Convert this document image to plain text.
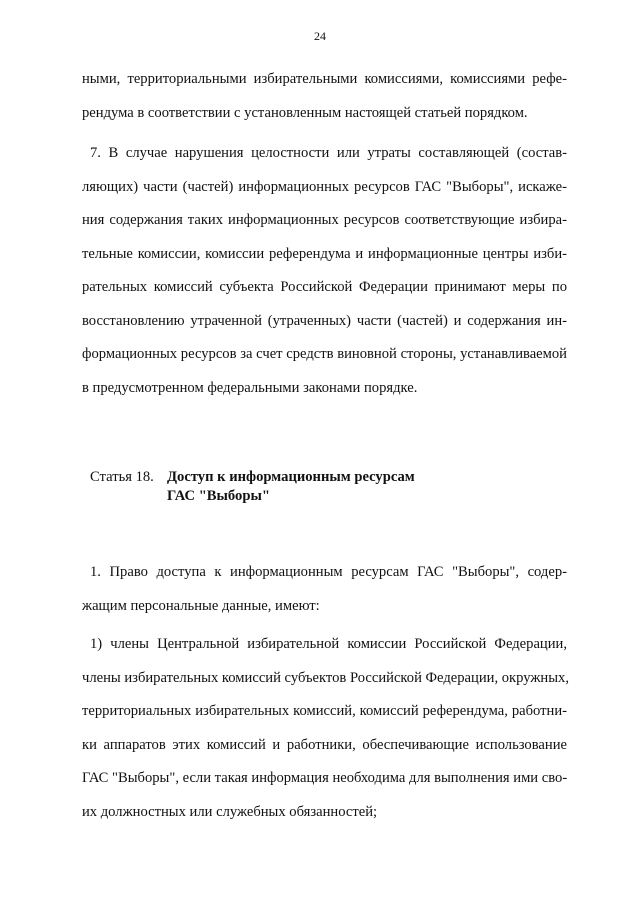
24
ными, территориальными избирательными комиссиями, комиссиями рефе-
рендума в соответствии с установленным настоящей статьей порядком.
7. В случае нарушения целостности или утраты составляющей (состав-
ляющих) части (частей) информационных ресурсов ГАС "Выборы", искаже-
ния содержания таких информационных ресурсов соответствующие избира-
тельные комиссии, комиссии референдума и информационные центры изби-
рательных комиссий субъекта Российской Федерации принимают меры по
восстановлению утраченной (утраченных) части (частей) и содержания ин-
формационных ресурсов за счет средств виновной стороны, устанавливаемой
в предусмотренном федеральными законами порядке.
Статья 18. Доступ к информационным ресурсам
ГАС "Выборы"
1. Право доступа к информационным ресурсам ГАС "Выборы", содер-
жащим персональные данные, имеют:
1) члены Центральной избирательной комиссии Российской Федерации,
члены избирательных комиссий субъектов Российской Федерации, окружных,
территориальных избирательных комиссий, комиссий референдума, работни-
ки аппаратов этих комиссий и работники, обеспечивающие использование
ГАС "Выборы", если такая информация необходима для выполнения ими сво-
их должностных или служебных обязанностей;
